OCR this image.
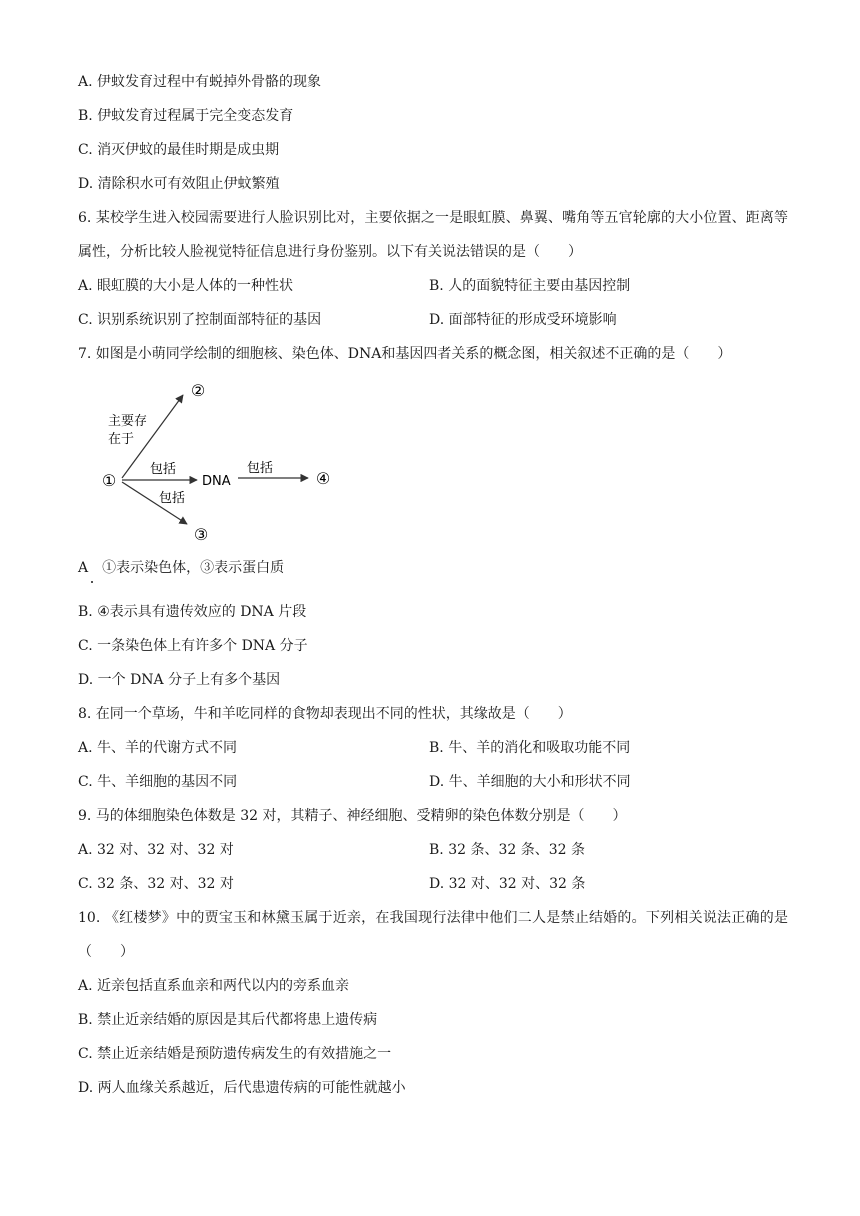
A. 伊蚊发育过程中有蜕掉外骨骼的现象
B. 伊蚊发育过程属于完全变态发育
C. 消灭伊蚊的最佳时期是成虫期
D. 清除积水可有效阻止伊蚊繁殖
6. 某校学生进入校园需要进行人脸识别比对，主要依据之一是眼虹膜、鼻翼、嘴角等五官轮廓的大小位置、距离等属性，分析比较人脸视觉特征信息进行身份鉴别。以下有关说法错误的是（　　）
A. 眼虹膜的大小是人体的一种性状	B. 人的面貌特征主要由基因控制
C. 识别系统识别了控制面部特征的基因	D. 面部特征的形成受环境影响
7. 如图是小萌同学绘制的细胞核、染色体、DNA和基因四者关系的概念图，相关叙述不正确的是（　　）
①
②
③
④
DNA
主要存
在于
包括	包括
包括
A　①表示染色体，③表示蛋白质
B. ④表示具有遗传效应的 DNA 片段
C. 一条染色体上有许多个 DNA 分子
D. 一个 DNA 分子上有多个基因
8. 在同一个草场，牛和羊吃同样的食物却表现出不同的性状，其缘故是（　　）
A. 牛、羊的代谢方式不同	B. 牛、羊的消化和吸取功能不同
C. 牛、羊细胞的基因不同	D. 牛、羊细胞的大小和形状不同
9. 马的体细胞染色体数是 32 对，其精子、神经细胞、受精卵的染色体数分别是（　　）
A. 32 对、32 对、32 对	B. 32 条、32 条、32 条
C. 32 条、32 对、32 对	D. 32 对、32 对、32 条
10. 《红楼梦》中的贾宝玉和林黛玉属于近亲，在我国现行法律中他们二人是禁止结婚的。下列相关说法正确的是（　　）
A. 近亲包括直系血亲和两代以内的旁系血亲
B. 禁止近亲结婚的原因是其后代都将患上遗传病
C. 禁止近亲结婚是预防遗传病发生的有效措施之一
D. 两人血缘关系越近，后代患遗传病的可能性就越小
